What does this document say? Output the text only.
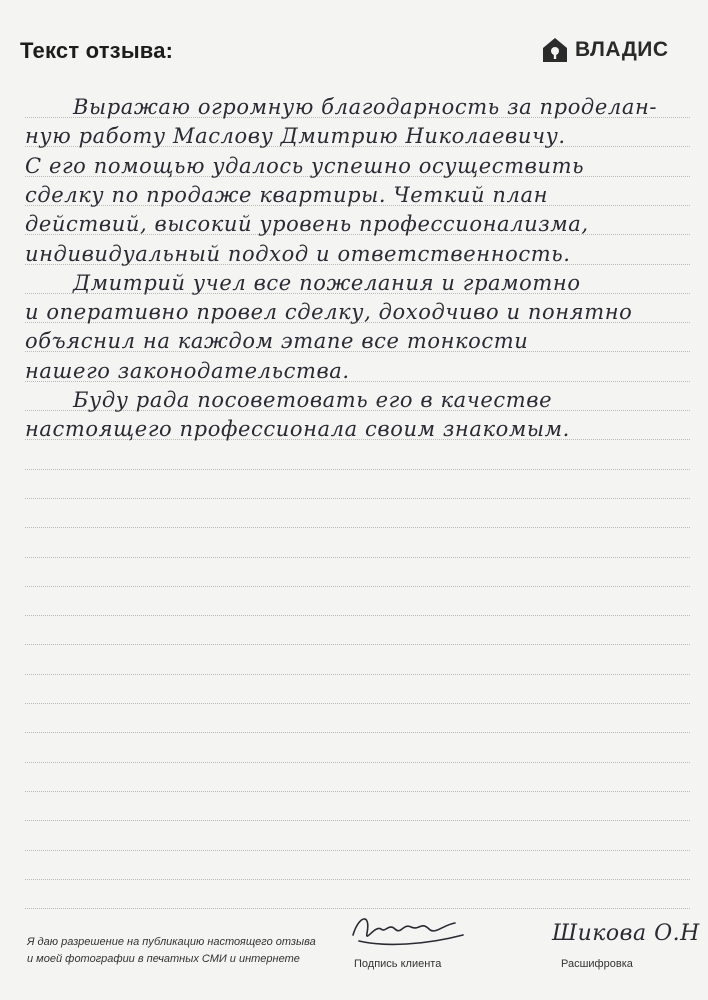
Текст отзыва:	ВЛАДИС
Выражаю огромную благодарность за проделан-
ную работу Маслову Дмитрию Николаевичу.
С его помощью удалось успешно осуществить
сделку по продаже квартиры. Четкий план
действий, высокий уровень профессионализма,
индивидуальный подход и ответственность.
Дмитрий учел все пожелания и грамотно
и оперативно провел сделку, доходчиво и понятно
объяснил на каждом этапе все тонкости
нашего законодательства.
Буду рада посоветовать его в качестве
настоящего профессионала своим знакомым.
Я даю разрешение на публикацию настоящего отзыва
и моей фотографии в печатных СМИ и интернете	Подпись клиента
Шикова О.Н
Расшифровка
